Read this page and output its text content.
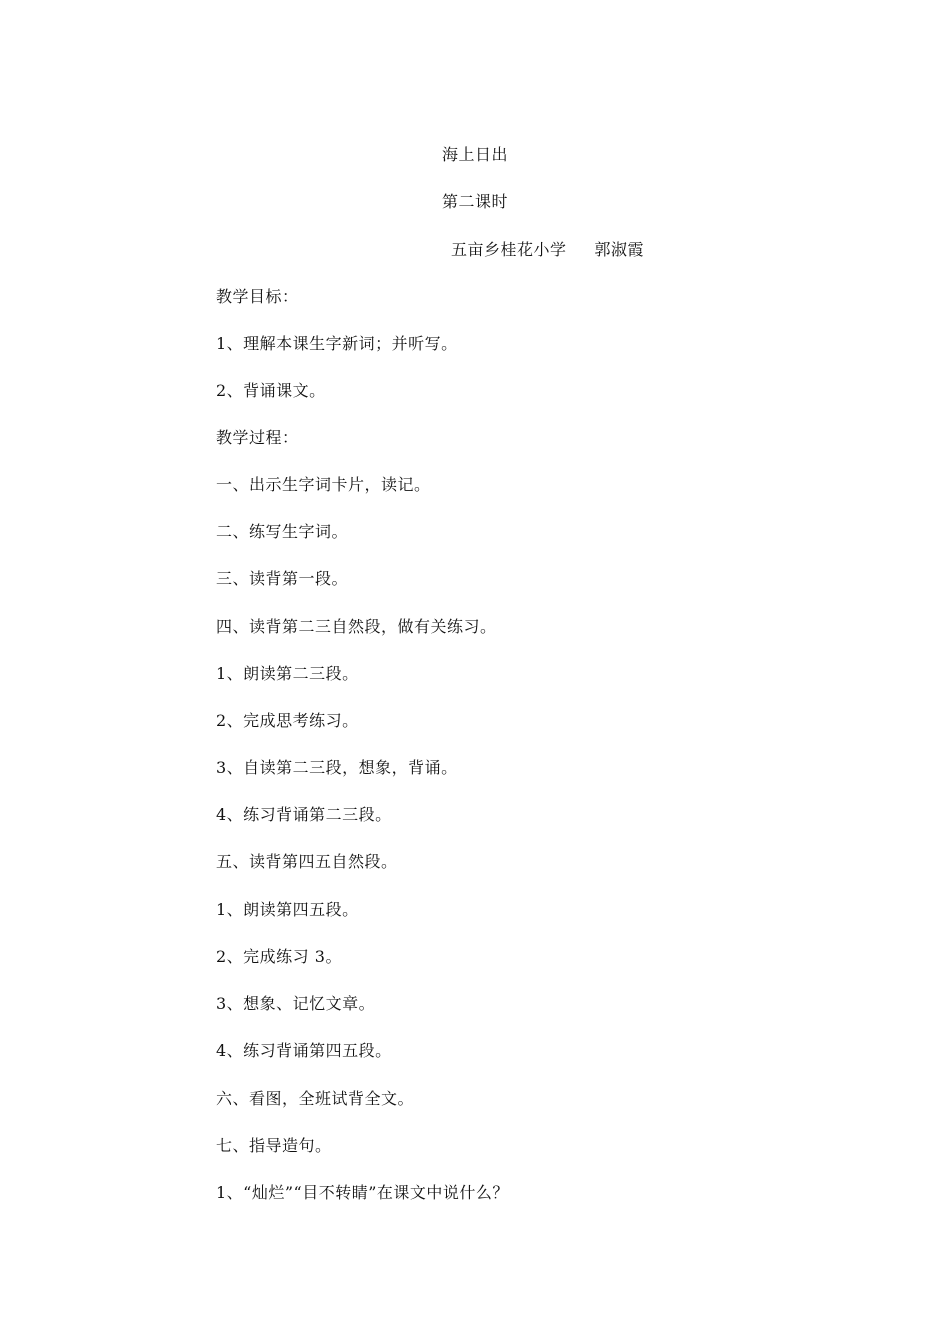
海上日出
第二课时
五亩乡桂花小学 郭淑霞
教学目标：
1、理解本课生字新词；并听写。
2、背诵课文。
教学过程：
一、出示生字词卡片，读记。
二、练写生字词。
三、读背第一段。
四、读背第二三自然段，做有关练习。
1、朗读第二三段。
2、完成思考练习。
3、自读第二三段，想象，背诵。
4、练习背诵第二三段。
五、读背第四五自然段。
1、朗读第四五段。
2、完成练习 3。
3、想象、记忆文章。
4、练习背诵第四五段。
六、看图，全班试背全文。
七、指导造句。
1、“灿烂”“目不转睛”在课文中说什么？
